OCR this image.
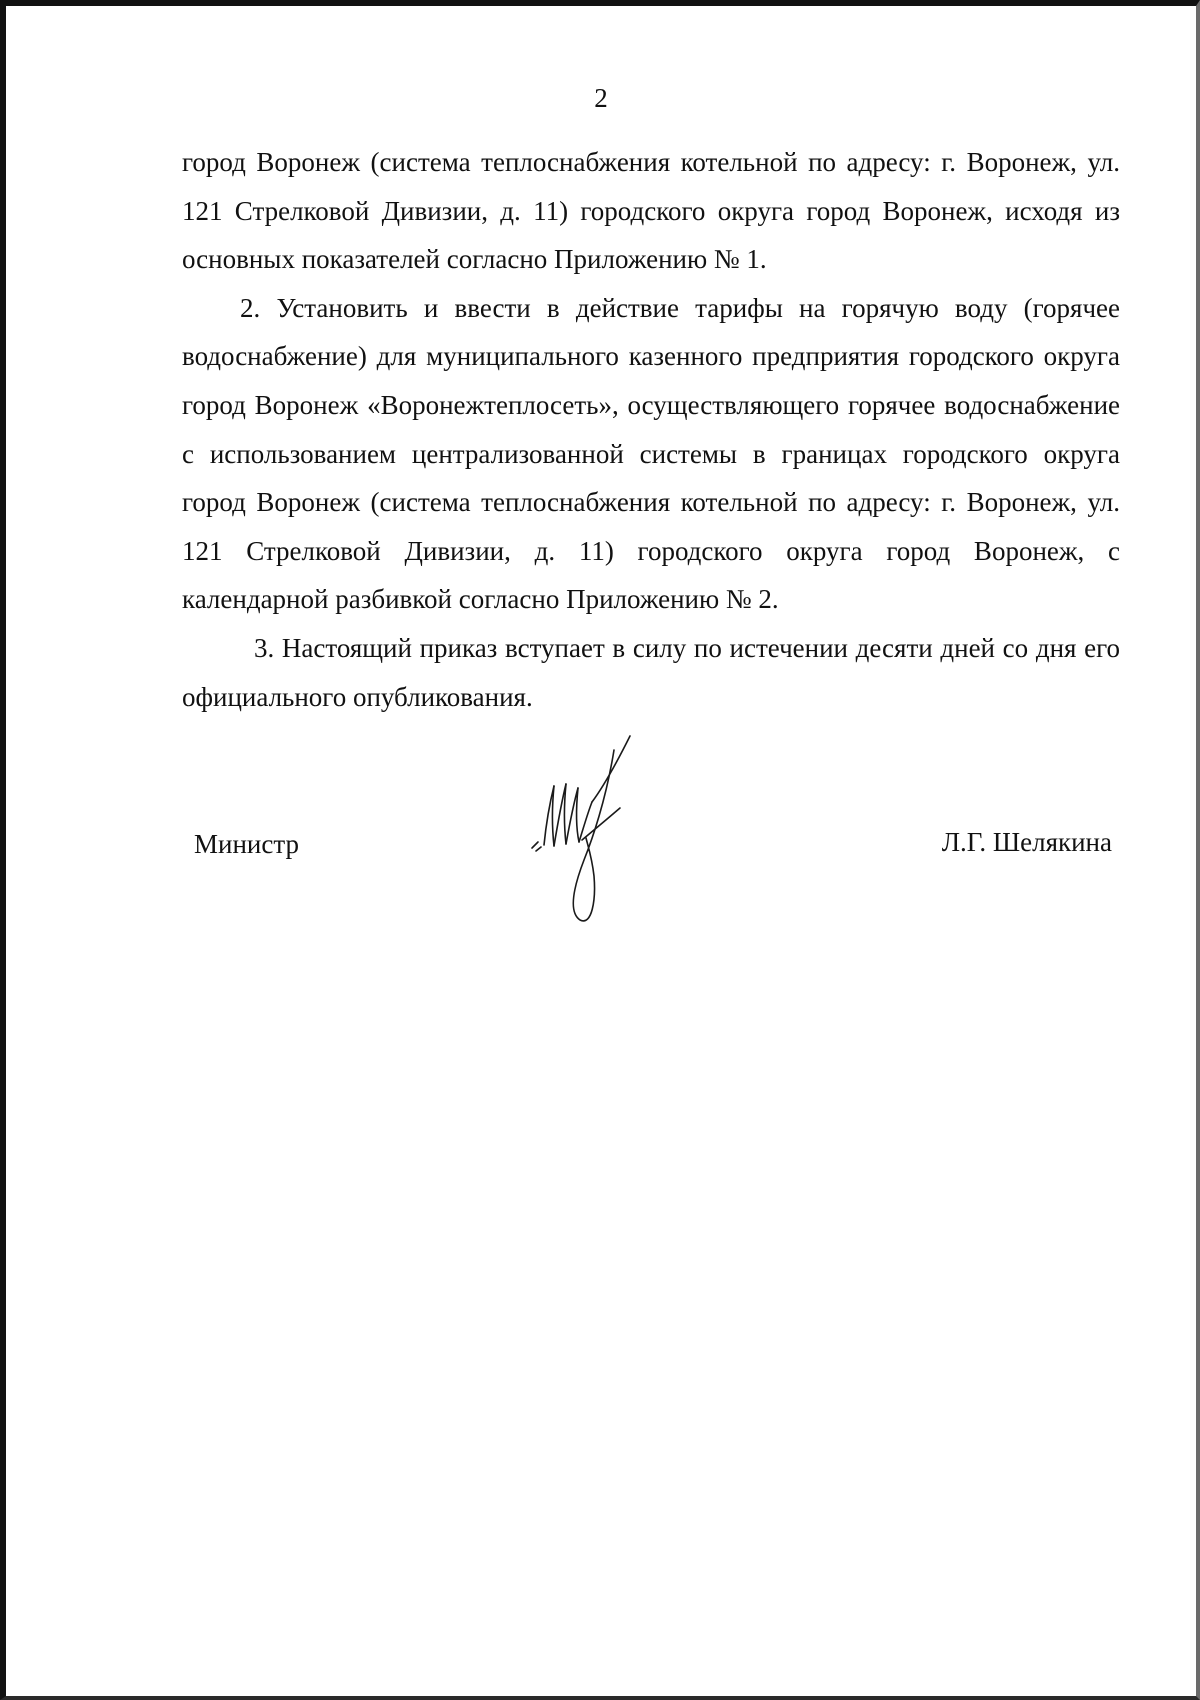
2

город Воронеж (система теплоснабжения котельной по адресу: г. Воронеж, ул. 121 Стрелковой Дивизии, д. 11) городского округа город Воронеж, исходя из основных показателей согласно Приложению № 1.

2. Установить и ввести в действие тарифы на горячую воду (горячее водоснабжение) для муниципального казенного предприятия городского округа город Воронеж «Воронежтеплосеть», осуществляющего горячее водоснабжение с использованием централизованной системы в границах городского округа город Воронеж (система теплоснабжения котельной по адресу: г. Воронеж, ул. 121 Стрелковой Дивизии, д. 11) городского округа город Воронеж, с календарной разбивкой согласно Приложению № 2.

3. Настоящий приказ вступает в силу по истечении десяти дней со дня его официального опубликования.

Министр	Л.Г. Шелякина
